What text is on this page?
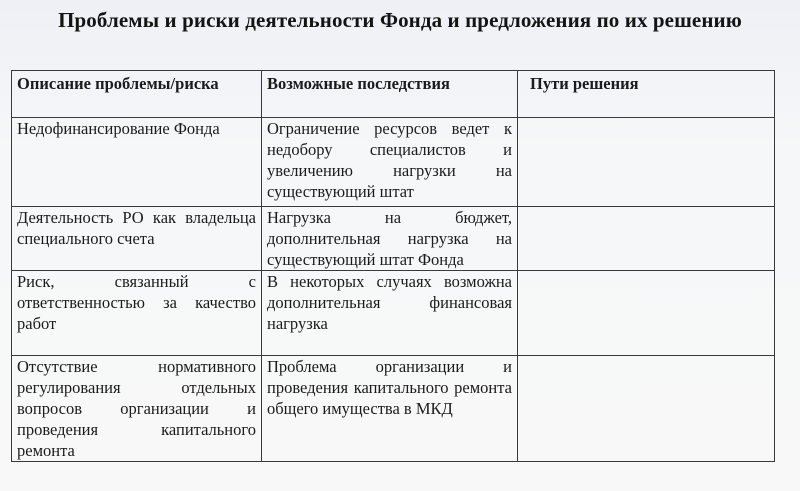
Проблемы и риски деятельности Фонда и предложения по их решению
Описание проблемы/риска	Возможные последствия	Пути решения
Недофинансирование Фонда	Ограничение ресурсов ведет к недобору специалистов и увеличению нагрузки на существующий штат	
Деятельность РО как владельца специального счета	Нагрузка на бюджет, дополнительная нагрузка на существующий штат Фонда	
Риск, связанный с ответственностью за качество работ	В некоторых случаях возможна дополнительная финансовая нагрузка	
Отсутствие нормативного регулирования отдельных вопросов организации и проведения капитального ремонта	Проблема организации и проведения капитального ремонта общего имущества в МКД	
